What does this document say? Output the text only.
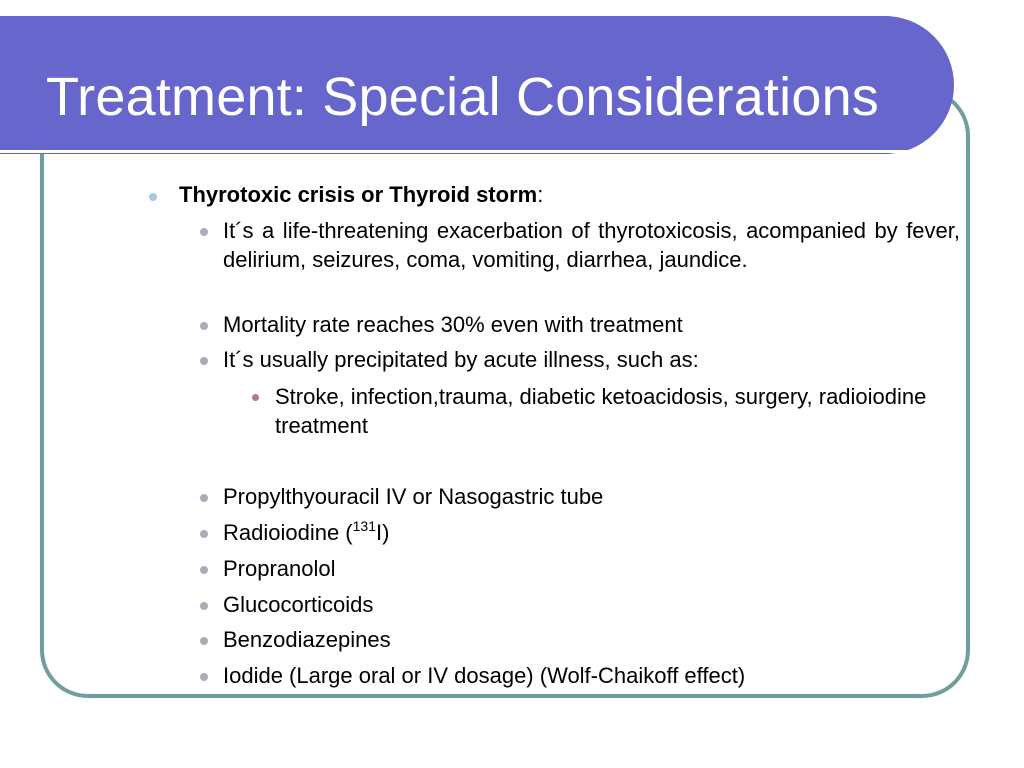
Treatment: Special Considerations
Thyrotoxic crisis or Thyroid storm:
It´s a life-threatening exacerbation of thyrotoxicosis, acompanied by fever, delirium, seizures, coma, vomiting, diarrhea, jaundice.
Mortality rate reaches 30% even with treatment
It´s usually precipitated by acute illness, such as:
Stroke, infection,trauma, diabetic ketoacidosis, surgery, radioiodine treatment
Propylthyouracil IV or Nasogastric tube
Radioiodine ($^{131}$I)
Propranolol
Glucocorticoids
Benzodiazepines
Iodide (Large oral or IV dosage) (Wolf-Chaikoff effect)
